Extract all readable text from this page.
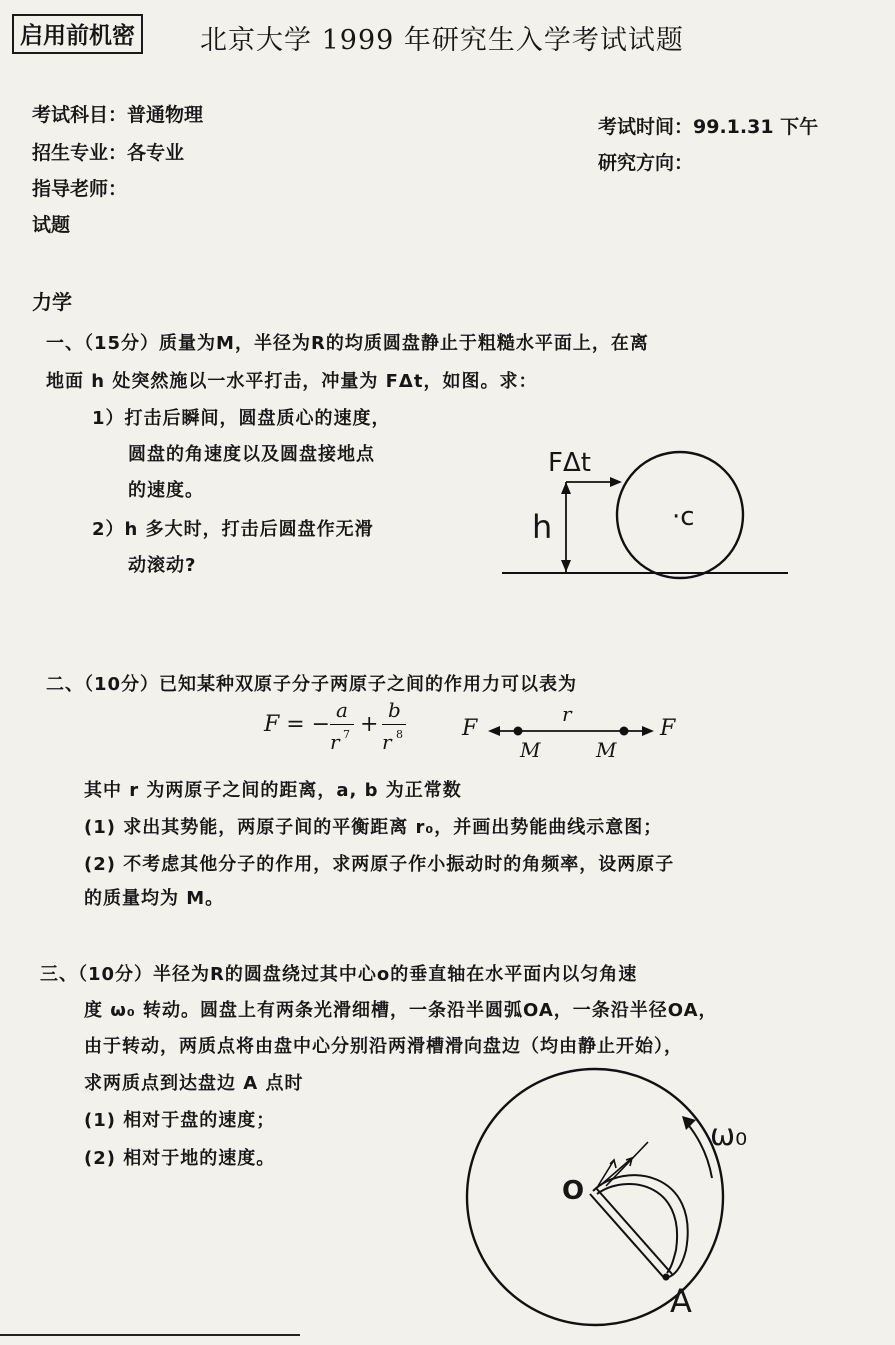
启用前机密 北京大学 1999 年研究生入学考试试题
考试科目：普通物理
招生专业：各专业
指导老师：
试题
考试时间：99.1.31 下午
研究方向：
力学
一、（15分）质量为M，半径为R的均质圆盘静止于粗糙水平面上，在离
地面 h 处突然施以一水平打击，冲量为 FΔt，如图。求：
1）打击后瞬间，圆盘质心的速度，
圆盘的角速度以及圆盘接地点
的速度。
2）h 多大时，打击后圆盘作无滑
动滚动?
FΔt
h	·c
二、（10分）已知某种双原子分子两原子之间的作用力可以表为
F = −
a
r 7 +
b
r 8	F	F
r
M	M
其中 r 为两原子之间的距离，a, b 为正常数
(1) 求出其势能，两原子间的平衡距离 r₀，并画出势能曲线示意图；
(2) 不考虑其他分子的作用，求两原子作小振动时的角频率，设两原子
的质量均为 M。
三、（10分）半径为R的圆盘绕过其中心o的垂直轴在水平面内以匀角速
度 ω₀ 转动。圆盘上有两条光滑细槽，一条沿半圆弧OA，一条沿半径OA，
由于转动，两质点将由盘中心分别沿两滑槽滑向盘边（均由静止开始），
求两质点到达盘边 A 点时
(1) 相对于盘的速度；
(2) 相对于地的速度。
ω₀
O
A
